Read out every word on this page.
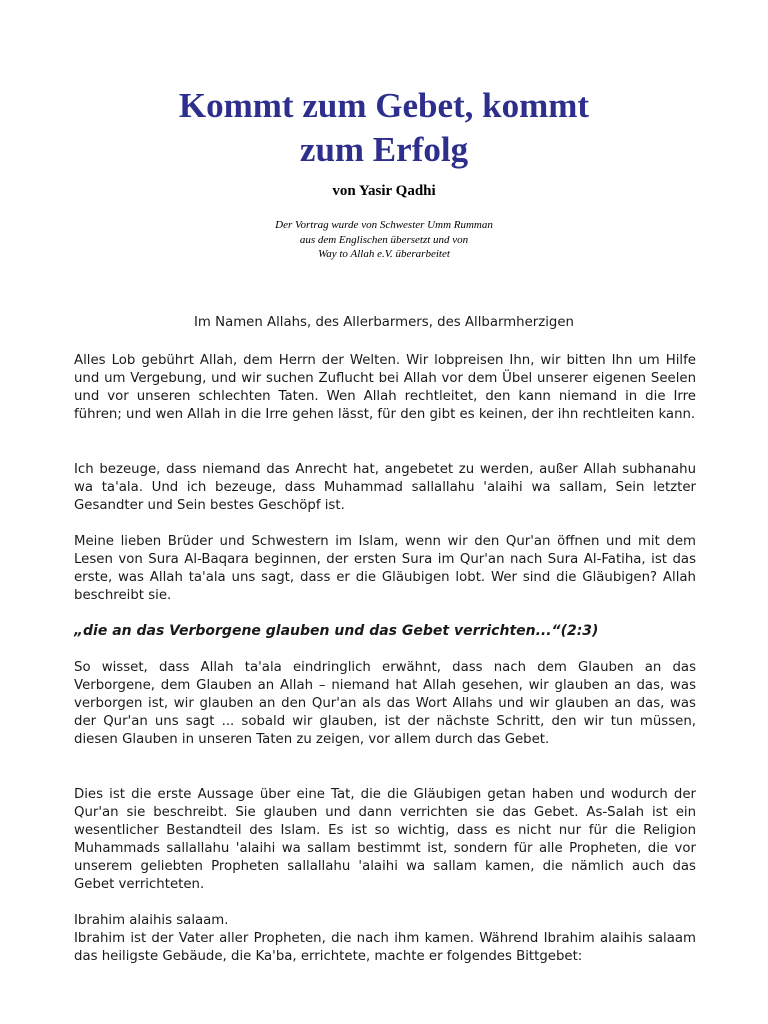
Kommt zum Gebet, kommt
zum Erfolg
von Yasir Qadhi
Der Vortrag wurde von Schwester Umm Rumman
aus dem Englischen übersetzt und von
Way to Allah e.V. überarbeitet
Im Namen Allahs, des Allerbarmers, des Allbarmherzigen

Alles Lob gebührt Allah, dem Herrn der Welten. Wir lobpreisen Ihn, wir bitten Ihn um Hilfe und um Vergebung, und wir suchen Zuflucht bei Allah vor dem Übel unserer eigenen Seelen und vor unseren schlechten Taten. Wen Allah rechtleitet, den kann niemand in die Irre führen; und wen Allah in die Irre gehen lässt, für den gibt es keinen, der ihn rechtleiten kann.

Ich bezeuge, dass niemand das Anrecht hat, angebetet zu werden, außer Allah subhanahu wa ta'ala. Und ich bezeuge, dass Muhammad sallallahu 'alaihi wa sallam, Sein letzter Gesandter und Sein bestes Geschöpf ist.

Meine lieben Brüder und Schwestern im Islam, wenn wir den Qur'an öffnen und mit dem Lesen von Sura Al-Baqara beginnen, der ersten Sura im Qur'an nach Sura Al-Fatiha, ist das erste, was Allah ta'ala uns sagt, dass er die Gläubigen lobt. Wer sind die Gläubigen? Allah beschreibt sie.

„die an das Verborgene glauben und das Gebet verrichten...“(2:3)

So wisset, dass Allah ta'ala eindringlich erwähnt, dass nach dem Glauben an das Verborgene, dem Glauben an Allah – niemand hat Allah gesehen, wir glauben an das, was verborgen ist, wir glauben an den Qur'an als das Wort Allahs und wir glauben an das, was der Qur'an uns sagt ... sobald wir glauben, ist der nächste Schritt, den wir tun müssen, diesen Glauben in unseren Taten zu zeigen, vor allem durch das Gebet.

Dies ist die erste Aussage über eine Tat, die die Gläubigen getan haben und wodurch der Qur'an sie beschreibt. Sie glauben und dann verrichten sie das Gebet. As-Salah ist ein wesentlicher Bestandteil des Islam. Es ist so wichtig, dass es nicht nur für die Religion Muhammads sallallahu 'alaihi wa sallam bestimmt ist, sondern für alle Propheten, die vor unserem geliebten Propheten sallallahu 'alaihi wa sallam kamen, die nämlich auch das Gebet verrichteten.

Ibrahim alaihis salaam.
Ibrahim ist der Vater aller Propheten, die nach ihm kamen. Während Ibrahim alaihis salaam das heiligste Gebäude, die Ka'ba, errichtete, machte er folgendes Bittgebet:
